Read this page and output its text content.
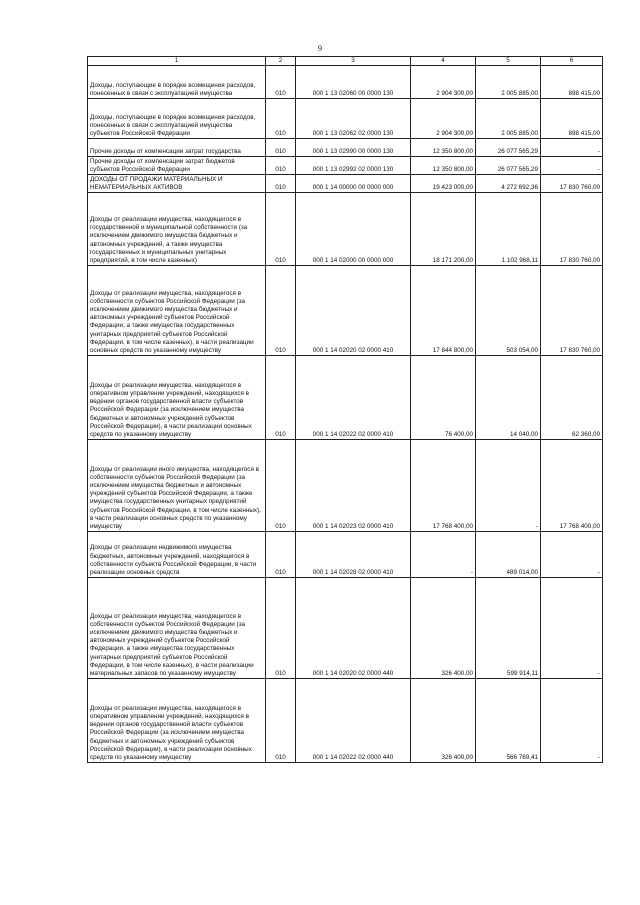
9
1	2	3	4	5	6
Доходы, поступающие в порядке возмещения расходов, понесенных в связи с эксплуатацией имущества	010	000 1 13 02060 00 0000 130	2 904 300,00	2 005 885,00	898 415,00
Доходы, поступающие в порядке возмещения расходов, понесенных в связи с эксплуатацией имущества субъектов Российской Федерации	010	000 1 13 02062 02 0000 130	2 904 300,00	2 005 885,00	898 415,00
Прочие доходы от компенсации затрат государства	010	000 1 13 02990 00 0000 130	12 350 800,00	26 077 565,29	-
Прочие доходы от компенсации затрат бюджетов субъектов Российской Федерации	010	000 1 13 02992 02 0000 130	12 350 800,00	26 077 565,29	-
ДОХОДЫ ОТ ПРОДАЖИ МАТЕРИАЛЬНЫХ И НЕМАТЕРИАЛЬНЫХ АКТИВОВ	010	000 1 14 00000 00 0000 000	19 423 000,00	4 272 692,36	17 830 760,00
Доходы от реализации имущества, находящегося в государственной и муниципальной собственности (за исключением движимого имущества бюджетных и автономных учреждений, а также имущества государственных и муниципальных унитарных предприятий, в том числе казенных)	010	000 1 14 02000 00 0000 000	18 171 200,00	1 102 968,11	17 830 760,00
Доходы от реализации имущества, находящегося в собственности субъектов Российской Федерации (за исключением движимого имущества бюджетных и автономных учреждений субъектов Российской Федерации, а также имущества государственных унитарных предприятий субъектов Российской Федерации, в том числе казенных), в части реализации основных средств по указанному имуществу	010	000 1 14 02020 02 0000 410	17 844 800,00	503 054,00	17 830 760,00
Доходы от реализации имущества, находящегося в оперативном управлении учреждений, находящихся в ведении органов государственной власти субъектов Российской Федерации (за исключением имущества бюджетных и автономных учреждений субъектов Российской Федерации), в части реализации основных средств по указанному имуществу	010	000 1 14 02022 02 0000 410	76 400,00	14 040,00	62 360,00
Доходы от реализации иного имущества, находящегося в собственности субъектов Российской Федерации (за исключением имущества бюджетных и автономных учреждений субъектов Российской Федерации, а также имущества государственных унитарных предприятий субъектов Российской Федерации, в том числе казенных), в части реализации основных средств по указанному имуществу	010	000 1 14 02023 02 0000 410	17 768 400,00	-	17 768 400,00
Доходы от реализации недвижимого имущества бюджетных, автономных учреждений, находящегося в собственности субъекта Российской Федерации, в части реализации основных средств	010	000 1 14 02028 02 0000 410	-	489 014,00	-
Доходы от реализации имущества, находящегося в собственности субъектов Российской Федерации (за исключением движимого имущества бюджетных и автономных учреждений субъектов Российской Федерации, а также имущества государственных унитарных предприятий субъектов Российской Федерации, в том числе казенных), в части реализации материальных запасов по указанному имуществу	010	000 1 14 02020 02 0000 440	326 400,00	599 914,11	-
Доходы от реализации имущества, находящегося в оперативном управлении учреждений, находящихся в ведении органов государственной власти субъектов Российской Федерации (за исключением имущества бюджетных и автономных учреждений субъектов Российской Федерации), в части реализации основных средств по указанному имуществу	010	000 1 14 02022 02 0000 440	326 400,00	566 769,41	-
